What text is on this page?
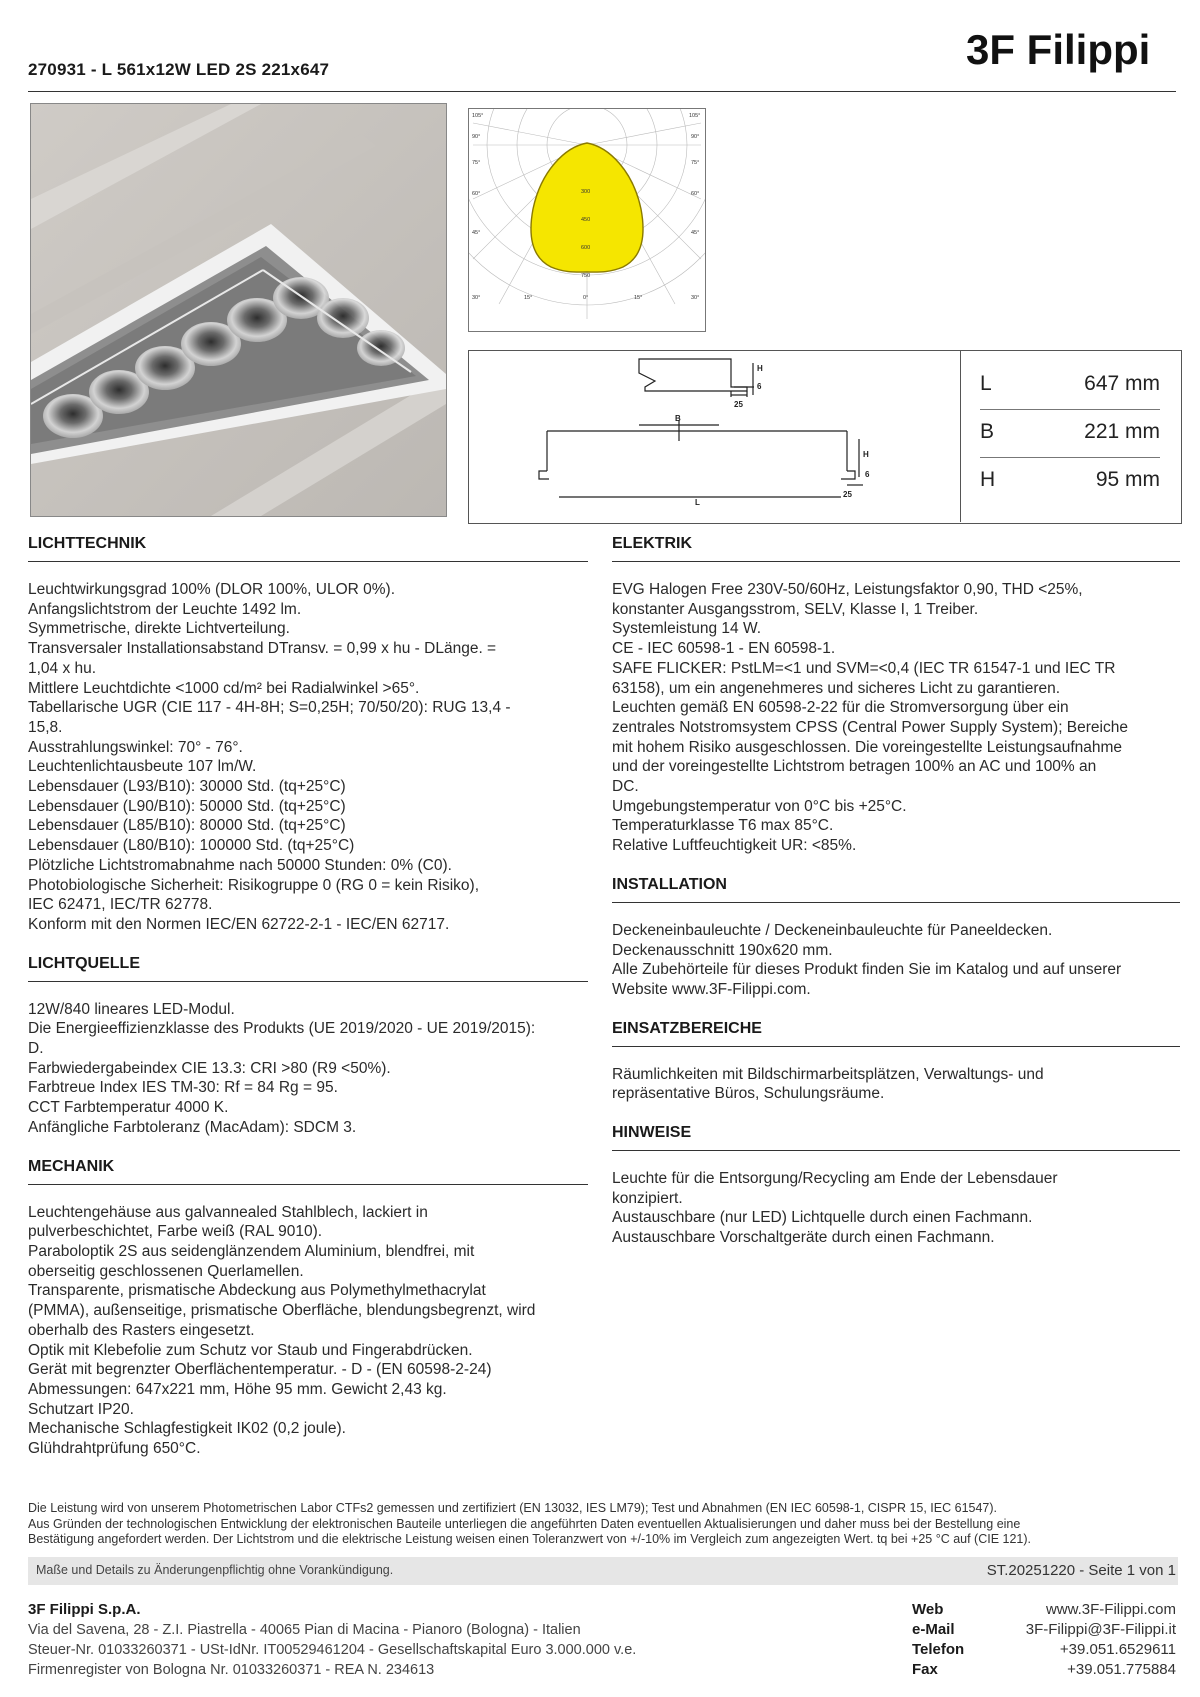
270931 - L 561x12W LED 2S 221x647	3F Filippi
105°
90°
75°
60°
45°
30°
105°
90°
75°
60°
45°
30°
15°	0°	15°
300
450
600
750
H
6
25
B
H
6
25
L
L	647 mm
B	221 mm
H	95 mm
LICHTTECHNIK
Leuchtwirkungsgrad 100% (DLOR 100%, ULOR 0%).
Anfangslichtstrom der Leuchte 1492 lm.
Symmetrische, direkte Lichtverteilung.
Transversaler Installationsabstand DTransv. = 0,99 x hu - DLänge. =
1,04 x hu.
Mittlere Leuchtdichte <1000 cd/m² bei Radialwinkel >65°.
Tabellarische UGR (CIE 117 - 4H-8H; S=0,25H; 70/50/20): RUG 13,4 -
15,8.
Ausstrahlungswinkel: 70° - 76°.
Leuchtenlichtausbeute 107 lm/W.
Lebensdauer (L93/B10): 30000 Std. (tq+25°C)
Lebensdauer (L90/B10): 50000 Std. (tq+25°C)
Lebensdauer (L85/B10): 80000 Std. (tq+25°C)
Lebensdauer (L80/B10): 100000 Std. (tq+25°C)
Plötzliche Lichtstromabnahme nach 50000 Stunden: 0% (C0).
Photobiologische Sicherheit: Risikogruppe 0 (RG 0 = kein Risiko),
IEC 62471, IEC/TR 62778.
Konform mit den Normen IEC/EN 62722-2-1 - IEC/EN 62717.
LICHTQUELLE
12W/840 lineares LED-Modul.
Die Energieeffizienzklasse des Produkts (UE 2019/2020 - UE 2019/2015):
D.
Farbwiedergabeindex CIE 13.3: CRI >80 (R9 <50%).
Farbtreue Index IES TM-30: Rf = 84 Rg = 95.
CCT Farbtemperatur 4000 K.
Anfängliche Farbtoleranz (MacAdam): SDCM 3.
MECHANIK
Leuchtengehäuse aus galvannealed Stahlblech, lackiert in
pulverbeschichtet, Farbe weiß (RAL 9010).
Paraboloptik 2S aus seidenglänzendem Aluminium, blendfrei, mit
oberseitig geschlossenen Querlamellen.
Transparente, prismatische Abdeckung aus Polymethylmethacrylat
(PMMA), außenseitige, prismatische Oberfläche, blendungsbegrenzt, wird
oberhalb des Rasters eingesetzt.
Optik mit Klebefolie zum Schutz vor Staub und Fingerabdrücken.
Gerät mit begrenzter Oberflächentemperatur. - D - (EN 60598-2-24)
Abmessungen: 647x221 mm, Höhe 95 mm. Gewicht 2,43 kg.
Schutzart IP20.
Mechanische Schlagfestigkeit IK02 (0,2 joule).
Glühdrahtprüfung 650°C.
ELEKTRIK
EVG Halogen Free 230V-50/60Hz, Leistungsfaktor 0,90, THD <25%,
konstanter Ausgangsstrom, SELV, Klasse I, 1 Treiber.
Systemleistung 14 W.
CE - IEC 60598-1 - EN 60598-1.
SAFE FLICKER: PstLM=<1 und SVM=<0,4 (IEC TR 61547-1 und IEC TR
63158), um ein angenehmeres und sicheres Licht zu garantieren.
Leuchten gemäß EN 60598-2-22 für die Stromversorgung über ein
zentrales Notstromsystem CPSS (Central Power Supply System); Bereiche
mit hohem Risiko ausgeschlossen. Die voreingestellte Leistungsaufnahme
und der voreingestellte Lichtstrom betragen 100% an AC und 100% an
DC.
Umgebungstemperatur von 0°C bis +25°C.
Temperaturklasse T6 max 85°C.
Relative Luftfeuchtigkeit UR: <85%.
INSTALLATION
Deckeneinbauleuchte / Deckeneinbauleuchte für Paneeldecken.
Deckenausschnitt 190x620 mm.
Alle Zubehörteile für dieses Produkt finden Sie im Katalog und auf unserer
Website www.3F-Filippi.com.
EINSATZBEREICHE
Räumlichkeiten mit Bildschirmarbeitsplätzen, Verwaltungs- und
repräsentative Büros, Schulungsräume.
HINWEISE
Leuchte für die Entsorgung/Recycling am Ende der Lebensdauer
konzipiert.
Austauschbare (nur LED) Lichtquelle durch einen Fachmann.
Austauschbare Vorschaltgeräte durch einen Fachmann.
Die Leistung wird von unserem Photometrischen Labor CTFs2 gemessen und zertifiziert (EN 13032, IES LM79); Test und Abnahmen (EN IEC 60598-1, CISPR 15, IEC 61547).
Aus Gründen der technologischen Entwicklung der elektronischen Bauteile unterliegen die angeführten Daten eventuellen Aktualisierungen und daher muss bei der Bestellung eine
Bestätigung angefordert werden. Der Lichtstrom und die elektrische Leistung weisen einen Toleranzwert von +/-10% im Vergleich zum angezeigten Wert. tq bei +25 °C auf (CIE 121).
Maße und Details zu Änderungenpflichtig ohne Vorankündigung.	ST.20251220 - Seite 1 von 1
3F Filippi S.p.A.
Via del Savena, 28 - Z.I. Piastrella - 40065 Pian di Macina - Pianoro (Bologna) - Italien
Steuer-Nr. 01033260371 - USt-IdNr. IT00529461204 - Gesellschaftskapital Euro 3.000.000 v.e.
Firmenregister von Bologna Nr. 01033260371 - REA N. 234613
Web	www.3F-Filippi.com
e-Mail	3F-Filippi@3F-Filippi.it
Telefon	+39.051.6529611
Fax	+39.051.775884
